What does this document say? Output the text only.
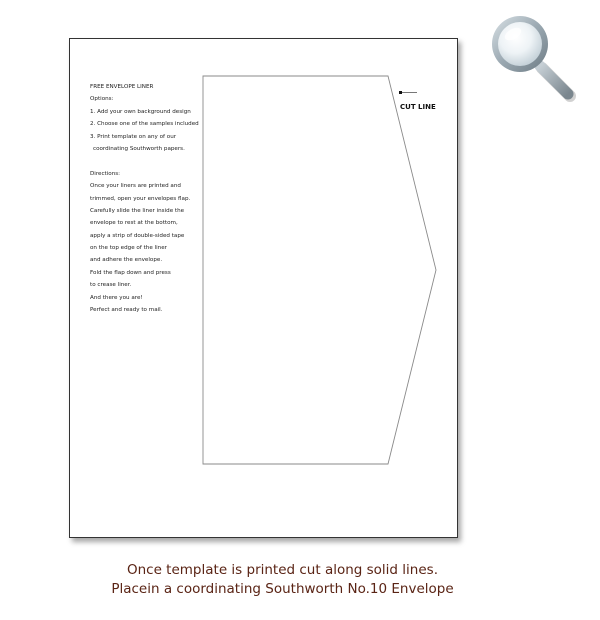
FREE ENVELOPE LINER
Options:
1. Add your own background design
2. Choose one of the samples included
3. Print template on any of our
coordinating Southworth papers.
Directions:
Once your liners are printed and
trimmed, open your envelopes flap.
Carefully slide the liner inside the
envelope to rest at the bottom,
apply a strip of double-sided tape
on the top edge of the liner
and adhere the envelope.
Fold the flap down and press
to crease liner.
And there you are!
Perfect and ready to mail.
CUT LINE
Once template is printed cut along solid lines.
Placein a coordinating Southworth No.10 Envelope
